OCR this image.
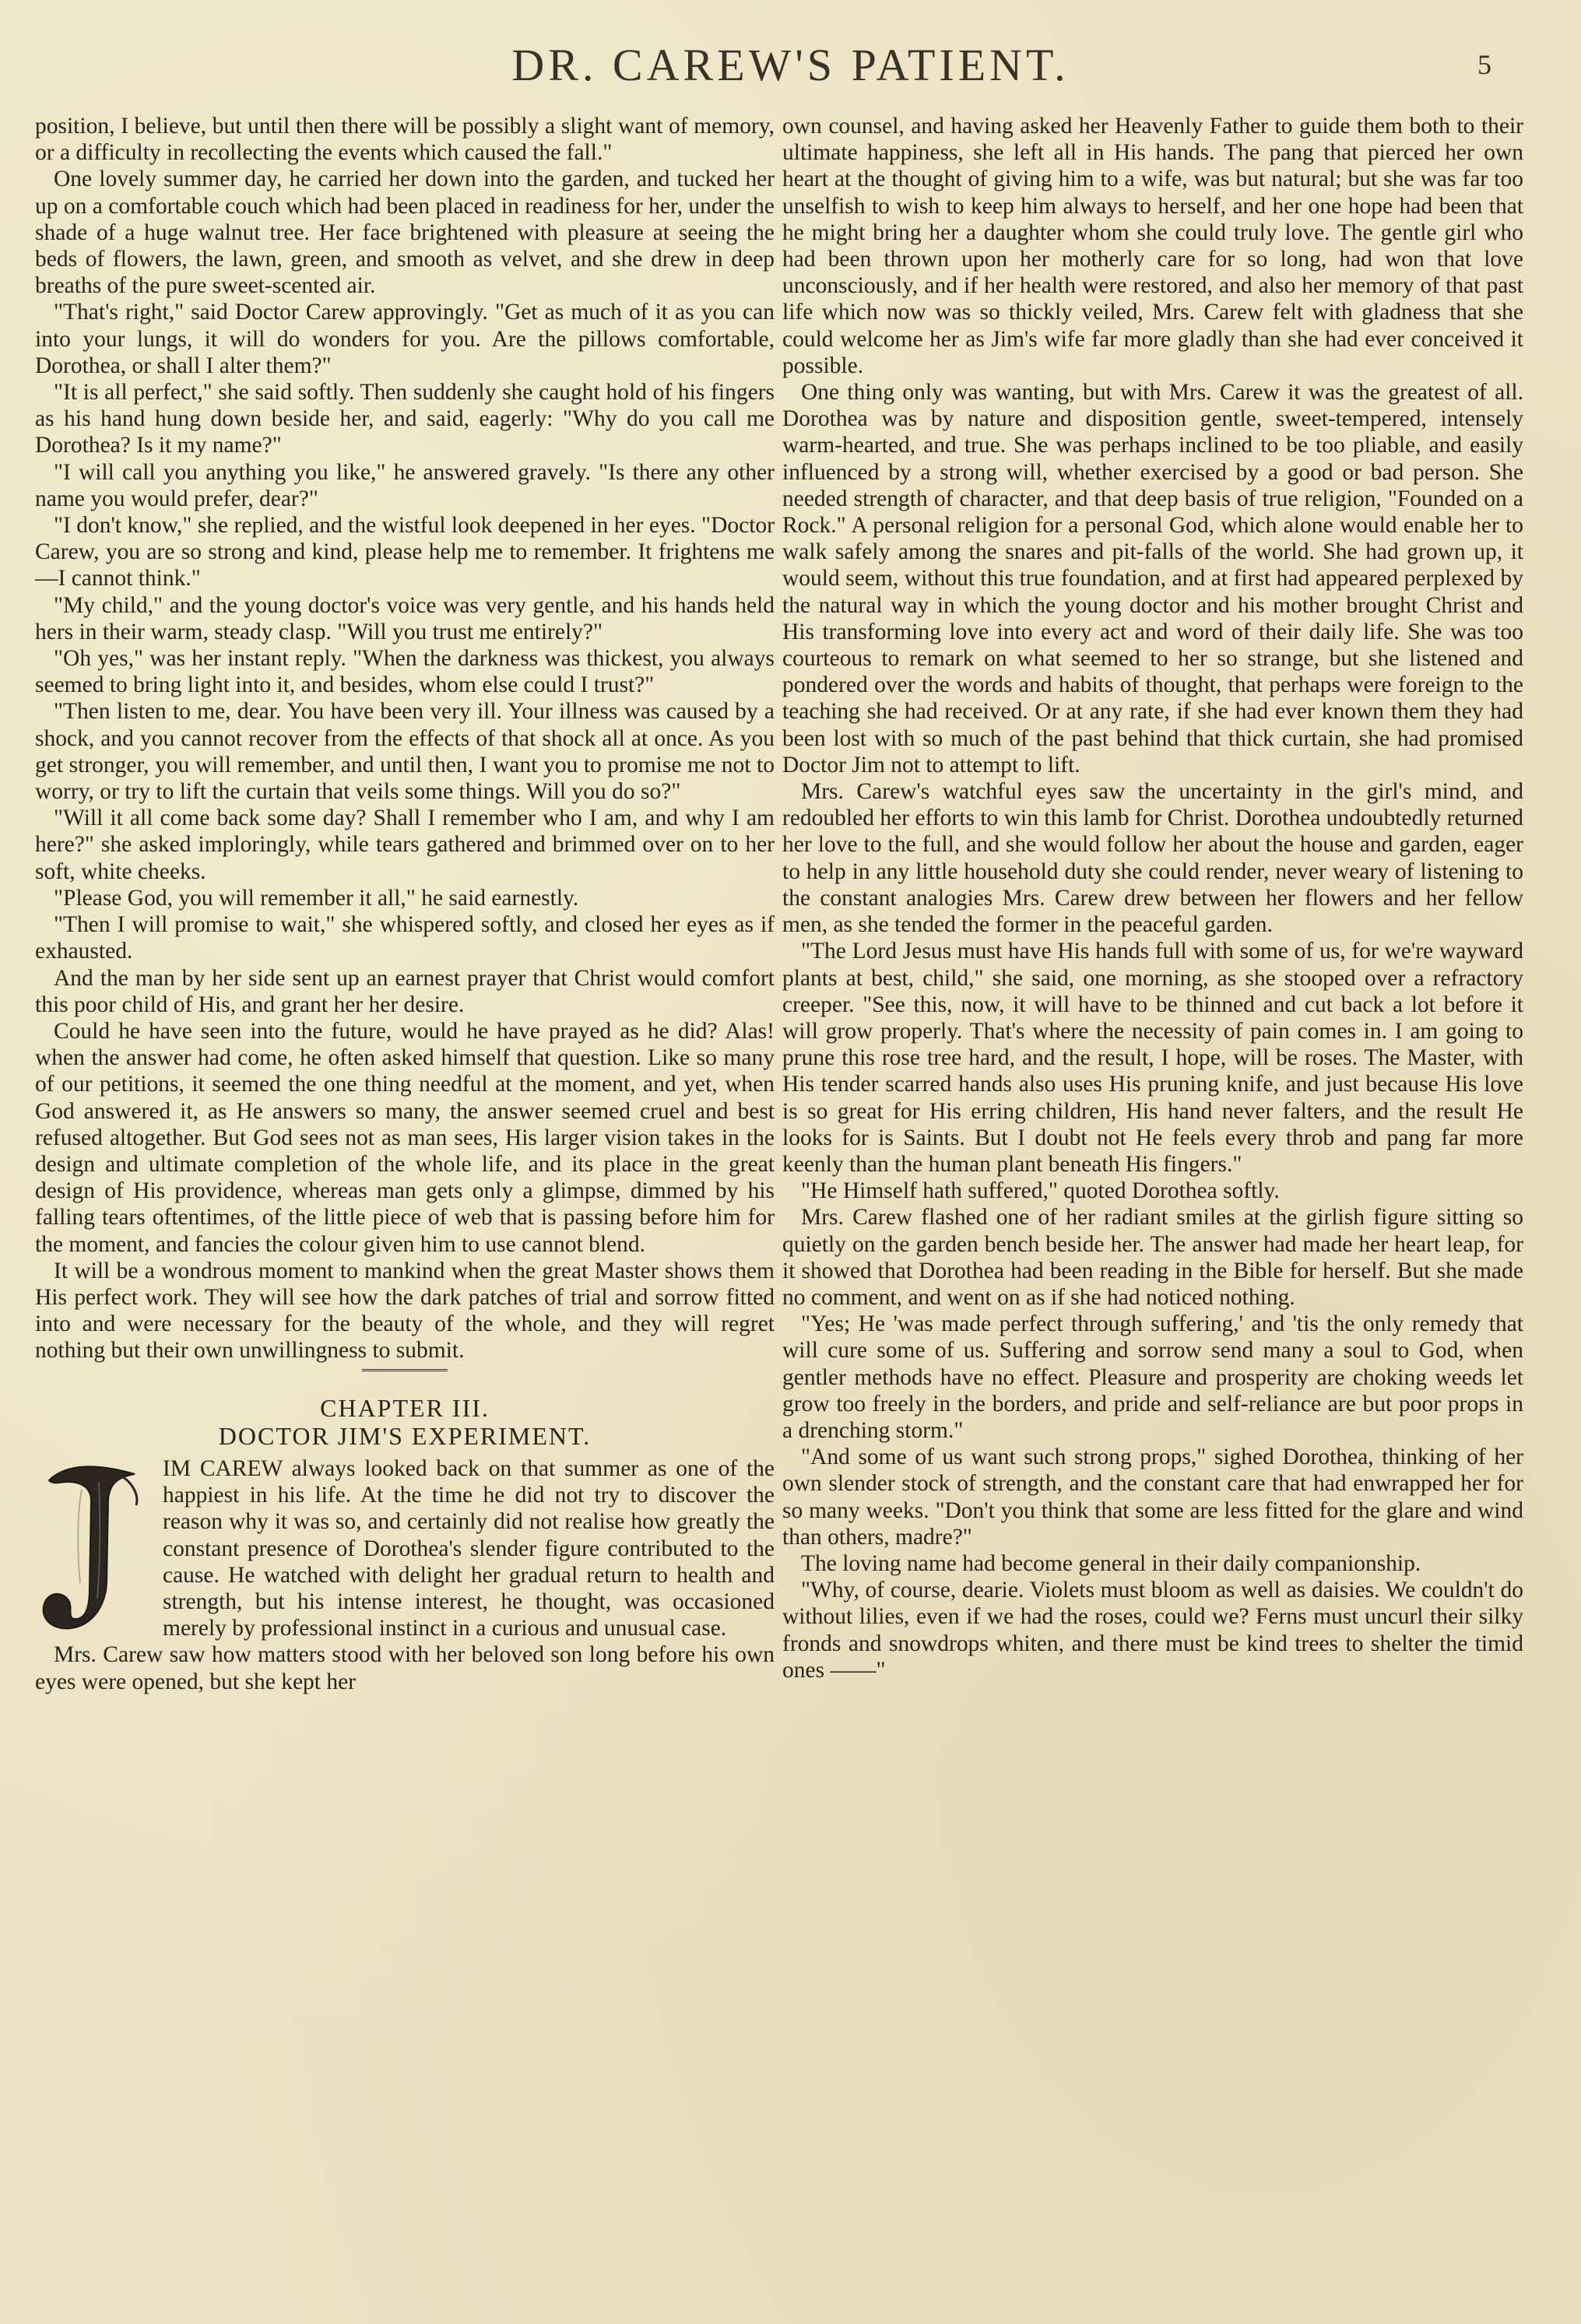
DR. CAREW'S PATIENT.	5

position, I believe, but until then there will be possibly a slight want of memory, or a difficulty in recollecting the events which caused the fall."

One lovely summer day, he carried her down into the garden, and tucked her up on a comfortable couch which had been placed in readiness for her, under the shade of a huge walnut tree. Her face brightened with pleasure at seeing the beds of flowers, the lawn, green, and smooth as velvet, and she drew in deep breaths of the pure sweet-scented air.

"That's right," said Doctor Carew approvingly. "Get as much of it as you can into your lungs, it will do wonders for you. Are the pillows comfortable, Dorothea, or shall I alter them?"

"It is all perfect," she said softly. Then suddenly she caught hold of his fingers as his hand hung down beside her, and said, eagerly: "Why do you call me Dorothea? Is it my name?"

"I will call you anything you like," he answered gravely. "Is there any other name you would prefer, dear?"

"I don't know," she replied, and the wistful look deepened in her eyes. "Doctor Carew, you are so strong and kind, please help me to remember. It frightens me—I cannot think."

"My child," and the young doctor's voice was very gentle, and his hands held hers in their warm, steady clasp. "Will you trust me entirely?"

"Oh yes," was her instant reply. "When the darkness was thickest, you always seemed to bring light into it, and besides, whom else could I trust?"

"Then listen to me, dear. You have been very ill. Your illness was caused by a shock, and you cannot recover from the effects of that shock all at once. As you get stronger, you will remember, and until then, I want you to promise me not to worry, or try to lift the curtain that veils some things. Will you do so?"

"Will it all come back some day? Shall I remember who I am, and why I am here?" she asked imploringly, while tears gathered and brimmed over on to her soft, white cheeks.

"Please God, you will remember it all," he said earnestly.

"Then I will promise to wait," she whispered softly, and closed her eyes as if exhausted.

And the man by her side sent up an earnest prayer that Christ would comfort this poor child of His, and grant her her desire.

Could he have seen into the future, would he have prayed as he did? Alas! when the answer had come, he often asked himself that question. Like so many of our petitions, it seemed the one thing needful at the moment, and yet, when God answered it, as He answers so many, the answer seemed cruel and best refused altogether. But God sees not as man sees, His larger vision takes in the design and ultimate completion of the whole life, and its place in the great design of His providence, whereas man gets only a glimpse, dimmed by his falling tears oftentimes, of the little piece of web that is passing before him for the moment, and fancies the colour given him to use cannot blend.

It will be a wondrous moment to mankind when the great Master shows them His perfect work. They will see how the dark patches of trial and sorrow fitted into and were necessary for the beauty of the whole, and they will regret nothing but their own unwillingness to submit.

CHAPTER III.
DOCTOR JIM'S EXPERIMENT.

IM CAREW always looked back on that summer as one of the happiest in his life. At the time he did not try to discover the reason why it was so, and certainly did not realise how greatly the constant presence of Dorothea's slender figure contributed to the cause. He watched with delight her gradual return to health and strength, but his intense interest, he thought, was occasioned merely by professional instinct in a curious and unusual case.

Mrs. Carew saw how matters stood with her beloved son long before his own eyes were opened, but she kept her

own counsel, and having asked her Heavenly Father to guide them both to their ultimate happiness, she left all in His hands. The pang that pierced her own heart at the thought of giving him to a wife, was but natural; but she was far too unselfish to wish to keep him always to herself, and her one hope had been that he might bring her a daughter whom she could truly love. The gentle girl who had been thrown upon her motherly care for so long, had won that love unconsciously, and if her health were restored, and also her memory of that past life which now was so thickly veiled, Mrs. Carew felt with gladness that she could welcome her as Jim's wife far more gladly than she had ever conceived it possible.

One thing only was wanting, but with Mrs. Carew it was the greatest of all. Dorothea was by nature and disposition gentle, sweet-tempered, intensely warm-hearted, and true. She was perhaps inclined to be too pliable, and easily influenced by a strong will, whether exercised by a good or bad person. She needed strength of character, and that deep basis of true religion, "Founded on a Rock." A personal religion for a personal God, which alone would enable her to walk safely among the snares and pit-falls of the world. She had grown up, it would seem, without this true foundation, and at first had appeared perplexed by the natural way in which the young doctor and his mother brought Christ and His transforming love into every act and word of their daily life. She was too courteous to remark on what seemed to her so strange, but she listened and pondered over the words and habits of thought, that perhaps were foreign to the teaching she had received. Or at any rate, if she had ever known them they had been lost with so much of the past behind that thick curtain, she had promised Doctor Jim not to attempt to lift.

Mrs. Carew's watchful eyes saw the uncertainty in the girl's mind, and redoubled her efforts to win this lamb for Christ. Dorothea undoubtedly returned her love to the full, and she would follow her about the house and garden, eager to help in any little household duty she could render, never weary of listening to the constant analogies Mrs. Carew drew between her flowers and her fellow men, as she tended the former in the peaceful garden.

"The Lord Jesus must have His hands full with some of us, for we're wayward plants at best, child," she said, one morning, as she stooped over a refractory creeper. "See this, now, it will have to be thinned and cut back a lot before it will grow properly. That's where the necessity of pain comes in. I am going to prune this rose tree hard, and the result, I hope, will be roses. The Master, with His tender scarred hands also uses His pruning knife, and just because His love is so great for His erring children, His hand never falters, and the result He looks for is Saints. But I doubt not He feels every throb and pang far more keenly than the human plant beneath His fingers."

"He Himself hath suffered," quoted Dorothea softly.

Mrs. Carew flashed one of her radiant smiles at the girlish figure sitting so quietly on the garden bench beside her. The answer had made her heart leap, for it showed that Dorothea had been reading in the Bible for herself. But she made no comment, and went on as if she had noticed nothing.

"Yes; He 'was made perfect through suffering,' and 'tis the only remedy that will cure some of us. Suffering and sorrow send many a soul to God, when gentler methods have no effect. Pleasure and prosperity are choking weeds let grow too freely in the borders, and pride and self-reliance are but poor props in a drenching storm."

"And some of us want such strong props," sighed Dorothea, thinking of her own slender stock of strength, and the constant care that had enwrapped her for so many weeks. "Don't you think that some are less fitted for the glare and wind than others, madre?"

The loving name had become general in their daily companionship.

"Why, of course, dearie. Violets must bloom as well as daisies. We couldn't do without lilies, even if we had the roses, could we? Ferns must uncurl their silky fronds and snowdrops whiten, and there must be kind trees to shelter the timid ones ——"
